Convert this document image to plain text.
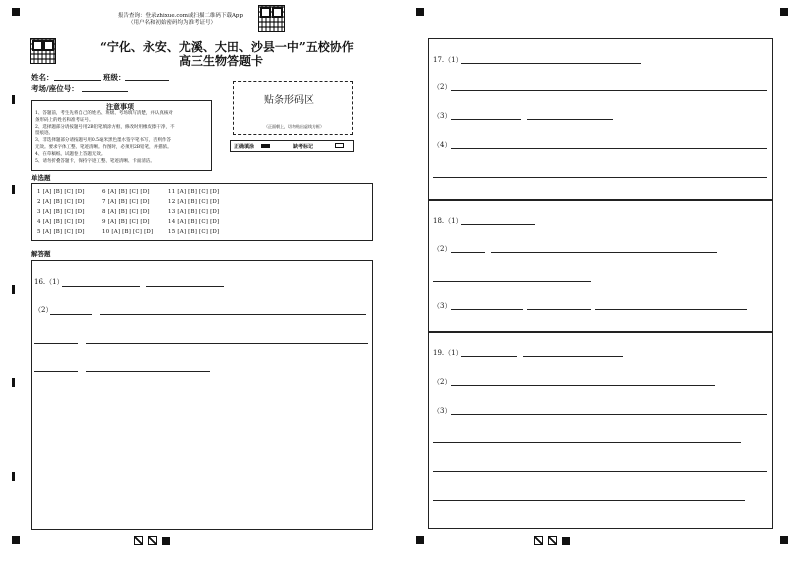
报告查询：登录zhixue.com或扫描二维码下载App
（用户名和初始密码均为准考证号）
“宁化、永安、尤溪、大田、沙县一中”五校协作
高三生物答题卡
姓名：	班级：
考场/座位号：
贴条形码区
（正面朝上，切勿贴出虚线方框）
注意事项
1、答题前，考生先将自己的姓名、班级、考场填写清楚，并认真核对
条形码上的姓名和准考证号。
2、选择题部分请按题号用2B铅笔填涂方框，修改时用橡皮擦干净，不
留痕迹。
3、非选择题部分请按题号用0.5毫米黑色墨水签字笔书写，否则作答
无效。要求字体工整、笔迹清晰。作图时，必须用2B铅笔，并描浓。
4、在草稿纸、试题卷上答题无效。
5、请勿折叠答题卡，保持字迹工整、笔迹清晰、卡面清洁。
正确填涂	缺考标记
单选题
1 [A] [B] [C] [D]	6 [A] [B] [C] [D]	11 [A] [B] [C] [D]
2 [A] [B] [C] [D]	7 [A] [B] [C] [D]	12 [A] [B] [C] [D]
3 [A] [B] [C] [D]	8 [A] [B] [C] [D]	13 [A] [B] [C] [D]
4 [A] [B] [C] [D]	9 [A] [B] [C] [D]	14 [A] [B] [C] [D]
5 [A] [B] [C] [D]	10 [A] [B] [C] [D]	15 [A] [B] [C] [D]
解答题
16.（1）
（2）
17.（1）
（2）
（3）
（4）
18.（1）
（2）
（3）
19.（1）
（2）
（3）
